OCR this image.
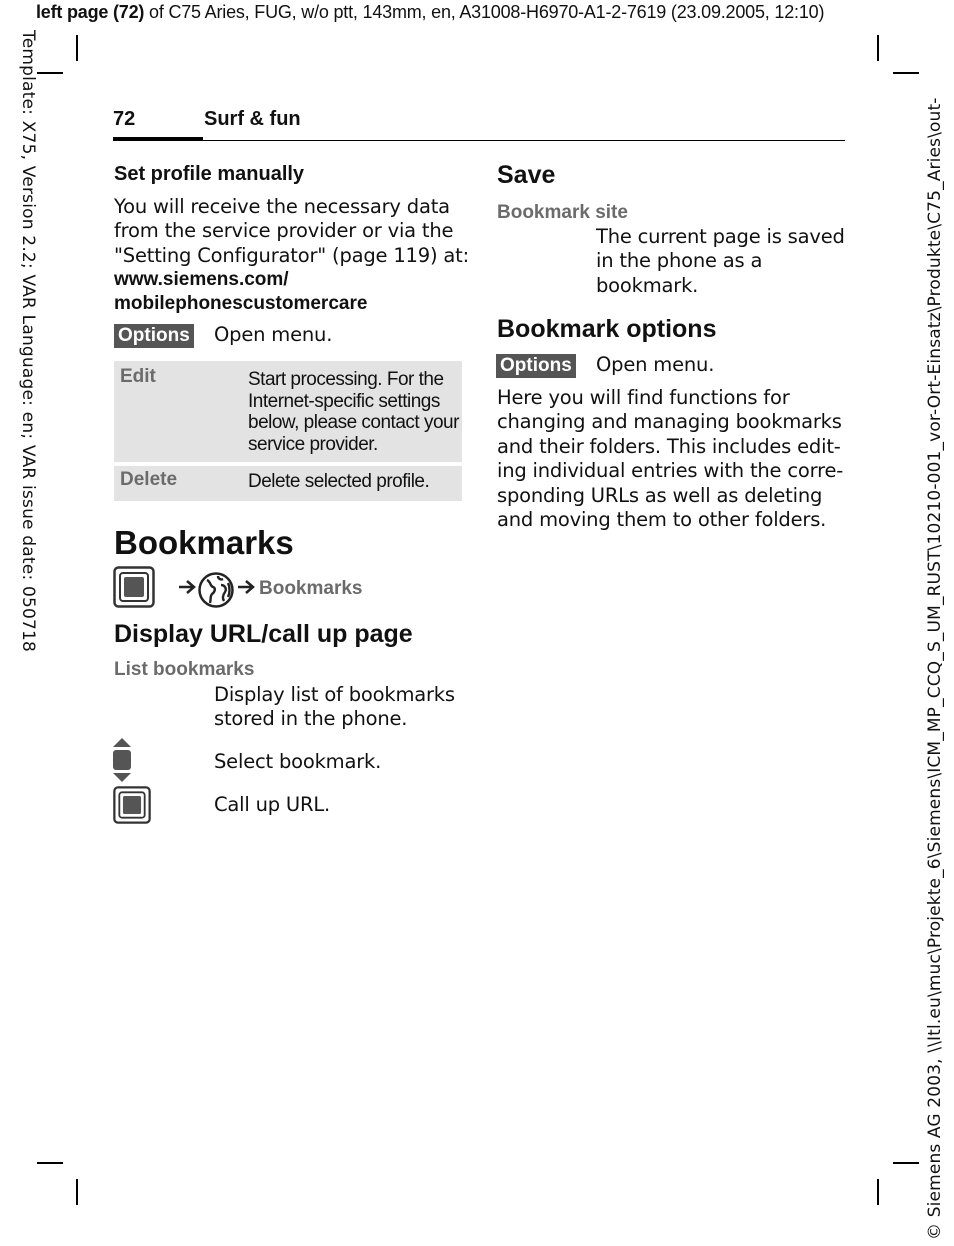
left page (72) of C75 Aries, FUG, w/o ptt, 143mm, en, A31008-H6970-A1-2-7619 (23.09.2005, 12:10)
Template: X75, Version 2.2; VAR Language: en; VAR issue date: 050718	© Siemens AG 2003, \\Itl.eu\muc\Projekte_6\Siemens\ICM_MP_CCQ_S_UM_RUST\10210-001_vor-Ort-Einsatz\Produkte\C75_Aries\out-
72	Surf & fun
Set profile manually
You will receive the necessary data
from the service provider or via the
"Setting Configurator" (page 119) at:
www.siemens.com/
mobilephonescustomercare
Options Open menu.
Edit	Start processing. For the
Internet-specific settings
below, please contact your
service provider.
Delete	Delete selected profile.
Bookmarks
Bookmarks
Display URL/call up page
List bookmarks
Display list of bookmarks
stored in the phone.
Select bookmark.
Call up URL.
Save
Bookmark site
The current page is saved
in the phone as a
bookmark.
Bookmark options
Options Open menu.
Here you will find functions for
changing and managing bookmarks
and their folders. This includes edit-
ing individual entries with the corre-
sponding URLs as well as deleting
and moving them to other folders.
